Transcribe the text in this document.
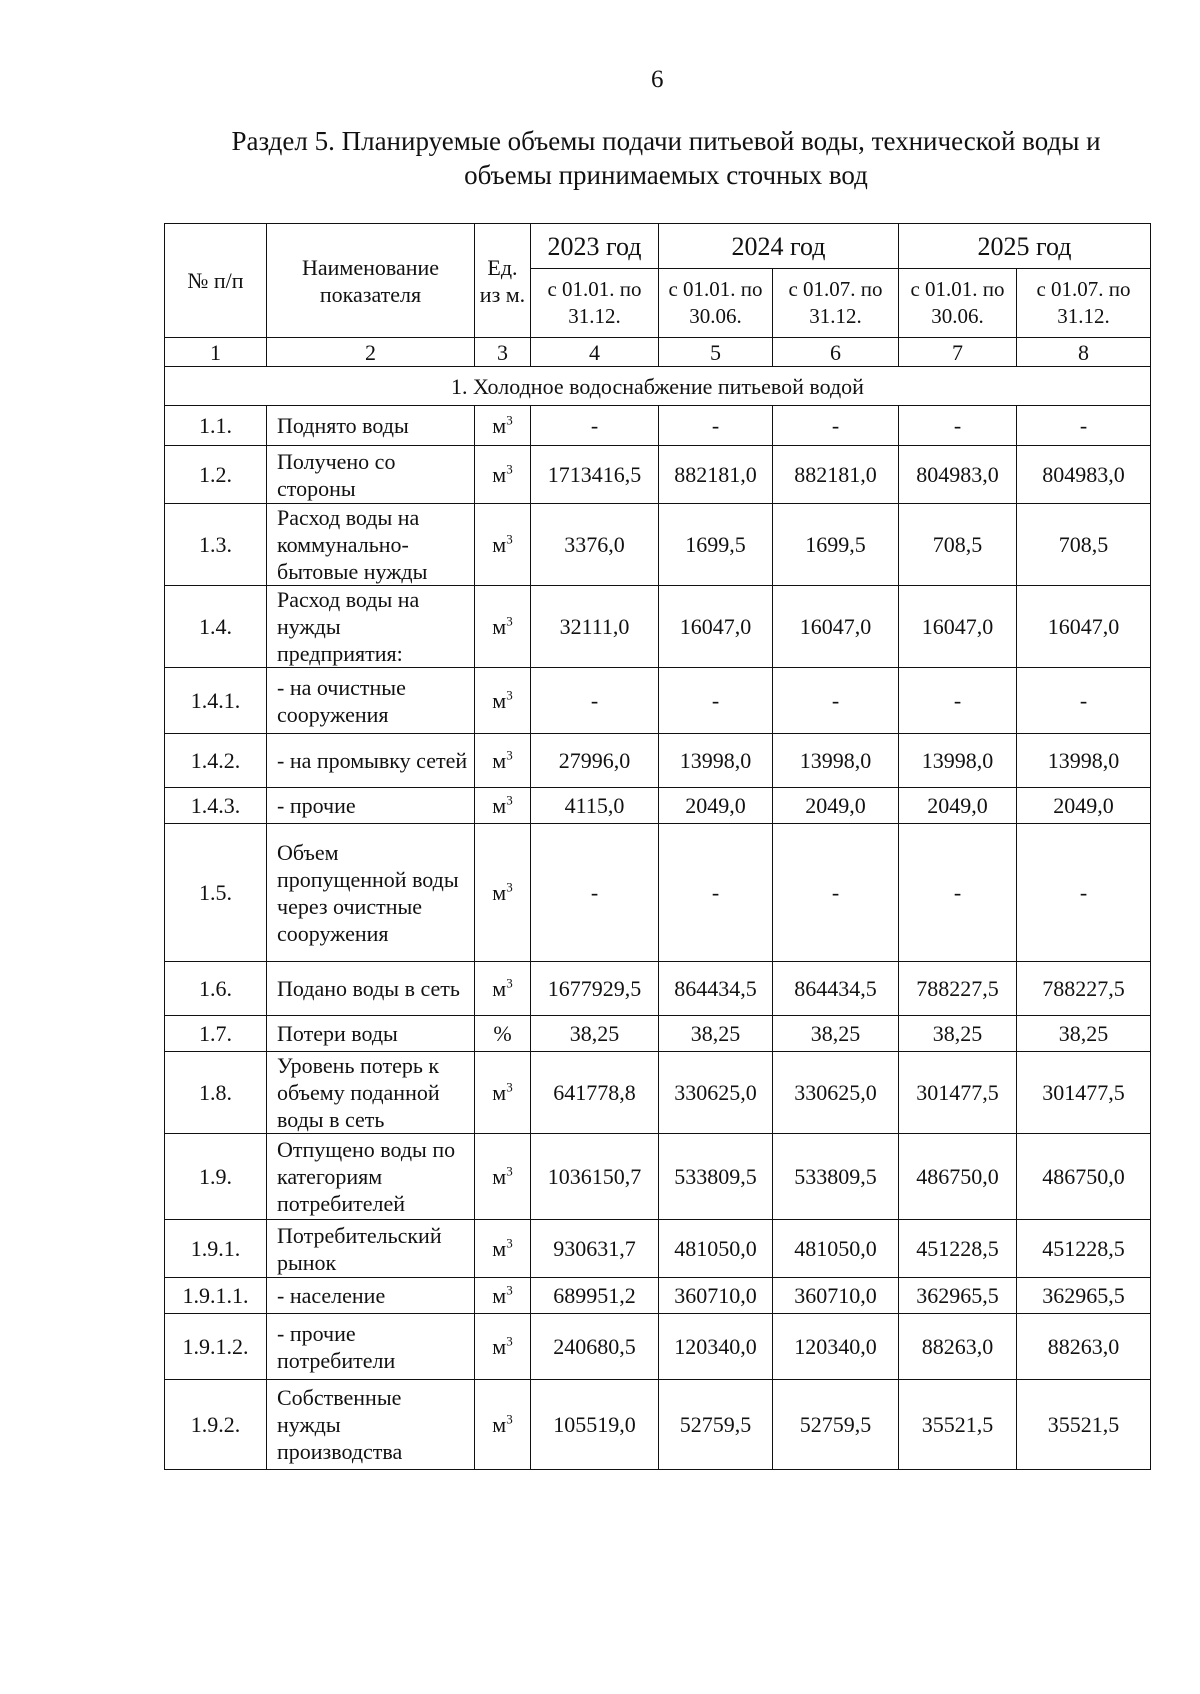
6
Раздел 5. Планируемые объемы подачи питьевой воды, технической воды и
объемы принимаемых сточных вод
№ п/п	Наименование показателя	Ед. из м.	2023 год	2024 год		2025 год	
			с 01.01. по 31.12.	с 01.01. по 30.06.	с 01.07. по 31.12.	с 01.01. по 30.06.	с 01.07. по 31.12.
1	2	3	4	5	6	7	8
1. Холодное водоснабжение питьевой водой							
1.1.	Поднято воды	$м^3$	-	-	-	-	-
1.2.	Получено со стороны	$м^3$	1713416,5	882181,0	882181,0	804983,0	804983,0
1.3.	Расход воды на коммунально-бытовые нужды	$м^3$	3376,0	1699,5	1699,5	708,5	708,5
1.4.	Расход воды на нужды предприятия:	$м^3$	32111,0	16047,0	16047,0	16047,0	16047,0
1.4.1.	- на очистные сооружения	$м^3$	-	-	-	-	-
1.4.2.	- на промывку сетей	$м^3$	27996,0	13998,0	13998,0	13998,0	13998,0
1.4.3.	- прочие	$м^3$	4115,0	2049,0	2049,0	2049,0	2049,0
1.5.	Объем пропущенной воды через очистные сооружения	$м^3$	-	-	-	-	-
1.6.	Подано воды в сеть	$м^3$	1677929,5	864434,5	864434,5	788227,5	788227,5
1.7.	Потери воды	%	38,25	38,25	38,25	38,25	38,25
1.8.	Уровень потерь к объему поданной воды в сеть	$м^3$	641778,8	330625,0	330625,0	301477,5	301477,5
1.9.	Отпущено воды по категориям потребителей	$м^3$	1036150,7	533809,5	533809,5	486750,0	486750,0
1.9.1.	Потребительский рынок	$м^3$	930631,7	481050,0	481050,0	451228,5	451228,5
1.9.1.1.	- население	$м^3$	689951,2	360710,0	360710,0	362965,5	362965,5
1.9.1.2.	- прочие потребители	$м^3$	240680,5	120340,0	120340,0	88263,0	88263,0
1.9.2.	Собственные нужды производства	$м^3$	105519,0	52759,5	52759,5	35521,5	35521,5
